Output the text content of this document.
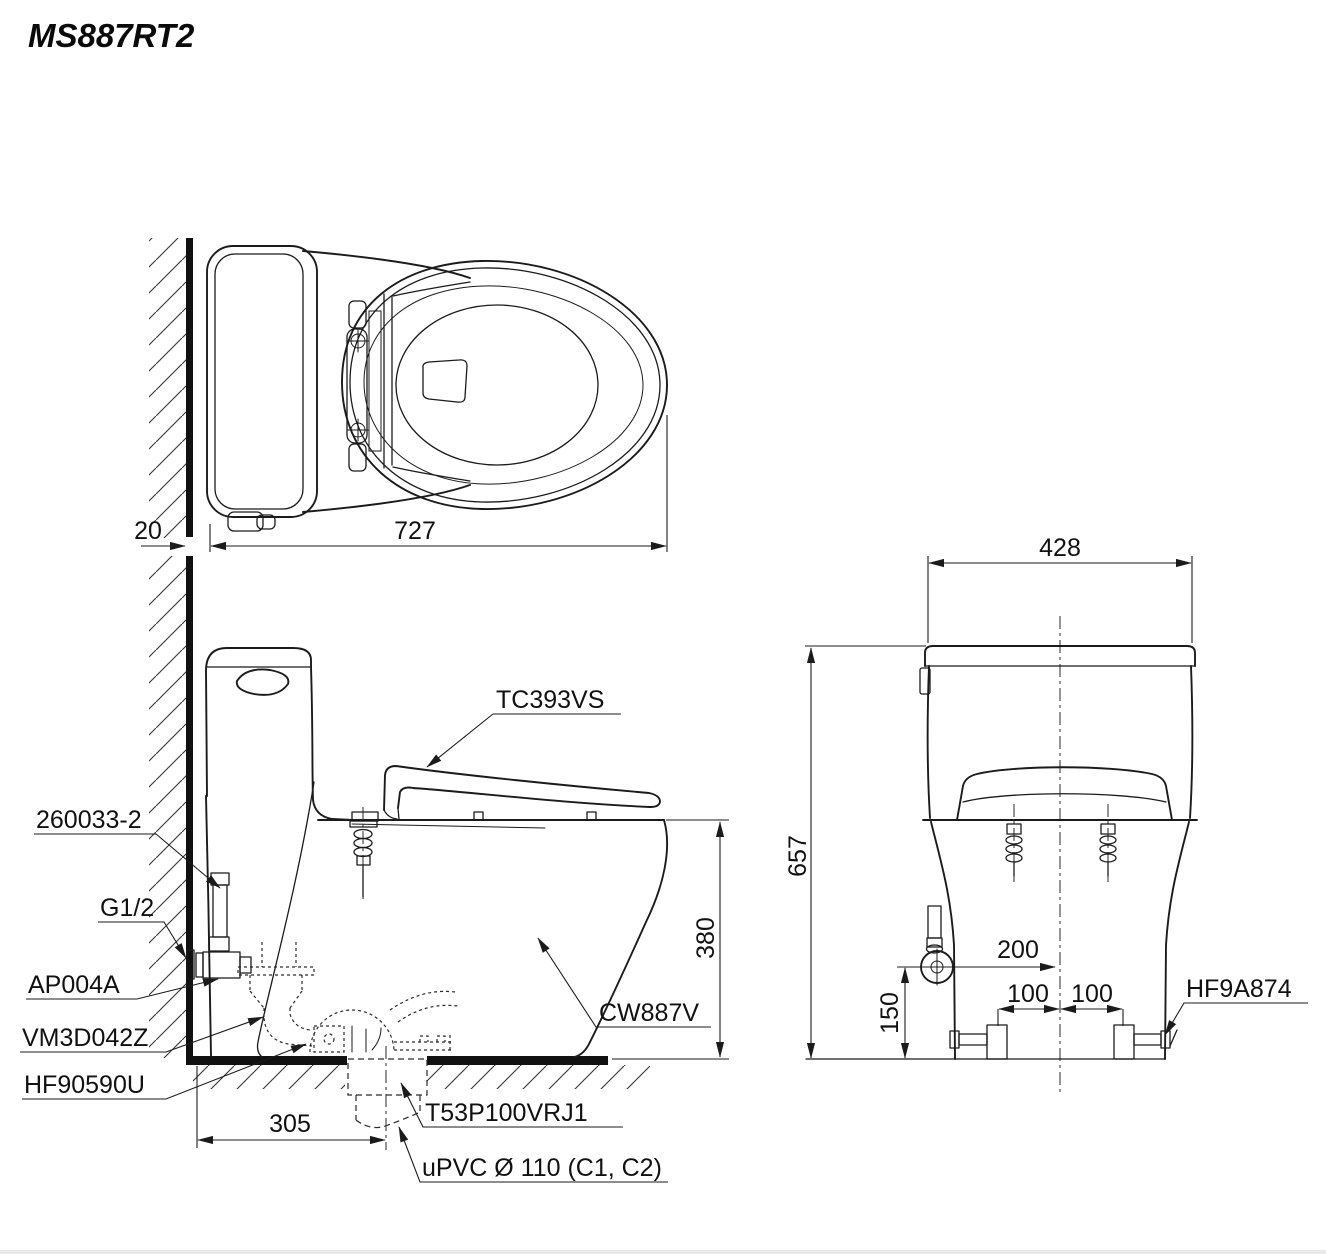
MS887RT2
20	727
380
305
260033-2
G1/2
AP004A
VM3D042Z
HF90590U
TC393VS
CW887V
T53P100VRJ1
uPVC Ø 110 (C1, C2)
428
657
150
200
100 100	HF9A874
